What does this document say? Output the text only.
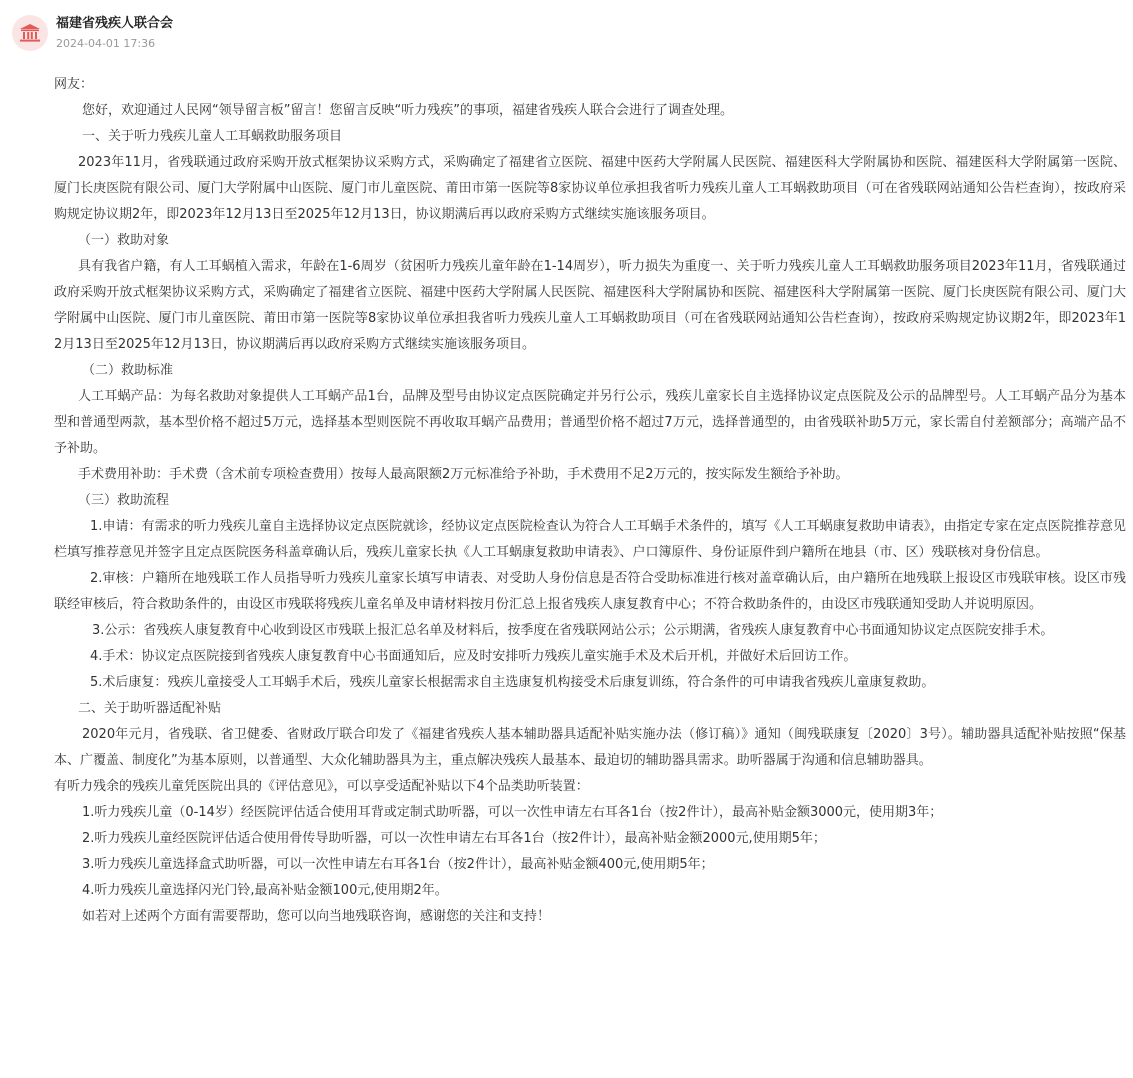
福建省残疾人联合会
2024-04-01 17:36

网友：

您好，欢迎通过人民网“领导留言板”留言！您留言反映“听力残疾”的事项，福建省残疾人联合会进行了调查处理。

一、关于听力残疾儿童人工耳蜗救助服务项目

2023年11月，省残联通过政府采购开放式框架协议采购方式，采购确定了福建省立医院、福建中医药大学附属人民医院、福建医科大学附属协和医院、福建医科大学附属第一医院、厦门长庚医院有限公司、厦门大学附属中山医院、厦门市儿童医院、莆田市第一医院等8家协议单位承担我省听力残疾儿童人工耳蜗救助项目（可在省残联网站通知公告栏查询），按政府采购规定协议期2年，即2023年12月13日至2025年12月13日，协议期满后再以政府采购方式继续实施该服务项目。

（一）救助对象

具有我省户籍，有人工耳蜗植入需求，年龄在1-6周岁（贫困听力残疾儿童年龄在1-14周岁），听力损失为重度一、关于听力残疾儿童人工耳蜗救助服务项目2023年11月，省残联通过政府采购开放式框架协议采购方式，采购确定了福建省立医院、福建中医药大学附属人民医院、福建医科大学附属协和医院、福建医科大学附属第一医院、厦门长庚医院有限公司、厦门大学附属中山医院、厦门市儿童医院、莆田市第一医院等8家协议单位承担我省听力残疾儿童人工耳蜗救助项目（可在省残联网站通知公告栏查询），按政府采购规定协议期2年，即2023年12月13日至2025年12月13日，协议期满后再以政府采购方式继续实施该服务项目。

（二）救助标准

人工耳蜗产品：为每名救助对象提供人工耳蜗产品1台，品牌及型号由协议定点医院确定并另行公示，残疾儿童家长自主选择协议定点医院及公示的品牌型号。人工耳蜗产品分为基本型和普通型两款，基本型价格不超过5万元，选择基本型则医院不再收取耳蜗产品费用；普通型价格不超过7万元，选择普通型的，由省残联补助5万元，家长需自付差额部分；高端产品不予补助。

手术费用补助：手术费（含术前专项检查费用）按每人最高限额2万元标准给予补助，手术费用不足2万元的，按实际发生额给予补助。

（三）救助流程

1.申请：有需求的听力残疾儿童自主选择协议定点医院就诊，经协议定点医院检查认为符合人工耳蜗手术条件的，填写《人工耳蜗康复救助申请表》，由指定专家在定点医院推荐意见栏填写推荐意见并签字且定点医院医务科盖章确认后，残疾儿童家长执《人工耳蜗康复救助申请表》、户口簿原件、身份证原件到户籍所在地县（市、区）残联核对身份信息。

2.审核：户籍所在地残联工作人员指导听力残疾儿童家长填写申请表、对受助人身份信息是否符合受助标准进行核对盖章确认后，由户籍所在地残联上报设区市残联审核。设区市残联经审核后，符合救助条件的，由设区市残联将残疾儿童名单及申请材料按月份汇总上报省残疾人康复教育中心；不符合救助条件的，由设区市残联通知受助人并说明原因。

3.公示：省残疾人康复教育中心收到设区市残联上报汇总名单及材料后，按季度在省残联网站公示；公示期满，省残疾人康复教育中心书面通知协议定点医院安排手术。

4.手术：协议定点医院接到省残疾人康复教育中心书面通知后，应及时安排听力残疾儿童实施手术及术后开机，并做好术后回访工作。

5.术后康复：残疾儿童接受人工耳蜗手术后，残疾儿童家长根据需求自主选康复机构接受术后康复训练，符合条件的可申请我省残疾儿童康复救助。

二、关于助听器适配补贴

2020年元月，省残联、省卫健委、省财政厅联合印发了《福建省残疾人基本辅助器具适配补贴实施办法（修订稿）》通知（闽残联康复〔2020〕3号）。辅助器具适配补贴按照“保基本、广覆盖、制度化”为基本原则，以普通型、大众化辅助器具为主，重点解决残疾人最基本、最迫切的辅助器具需求。助听器属于沟通和信息辅助器具。

有听力残余的残疾儿童凭医院出具的《评估意见》，可以享受适配补贴以下4个品类助听装置：

1.听力残疾儿童（0-14岁）经医院评估适合使用耳背或定制式助听器，可以一次性申请左右耳各1台（按2件计），最高补贴金额3000元，使用期3年；

2.听力残疾儿童经医院评估适合使用骨传导助听器，可以一次性申请左右耳各1台（按2件计），最高补贴金额2000元,使用期5年；

3.听力残疾儿童选择盒式助听器，可以一次性申请左右耳各1台（按2件计），最高补贴金额400元,使用期5年；

4.听力残疾儿童选择闪光门铃,最高补贴金额100元,使用期2年。

如若对上述两个方面有需要帮助，您可以向当地残联咨询，感谢您的关注和支持！
